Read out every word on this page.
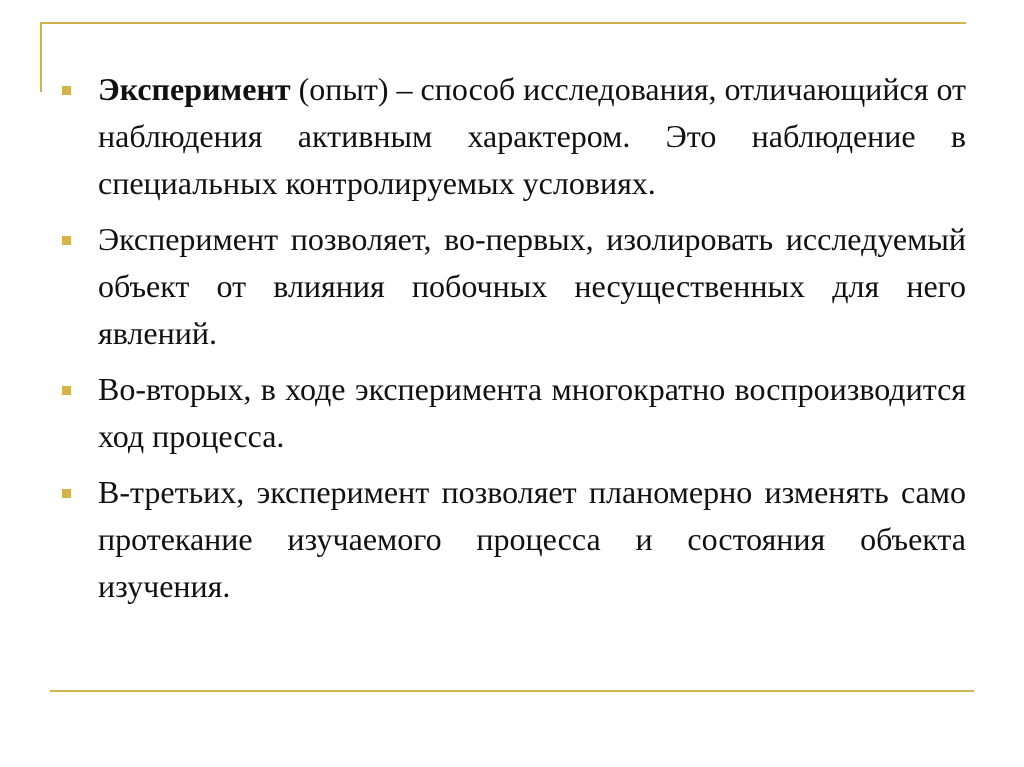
Эксперимент (опыт) – способ исследования, отличающийся от наблюдения активным характером. Это наблюдение в специальных контролируемых условиях.
Эксперимент позволяет, во-первых, изолировать исследуемый объект от влияния побочных несущественных для него явлений.
Во-вторых, в ходе эксперимента многократно воспроизводится ход процесса.
В-третьих, эксперимент позволяет планомерно изменять само протекание изучаемого процесса и состояния объекта изучения.
